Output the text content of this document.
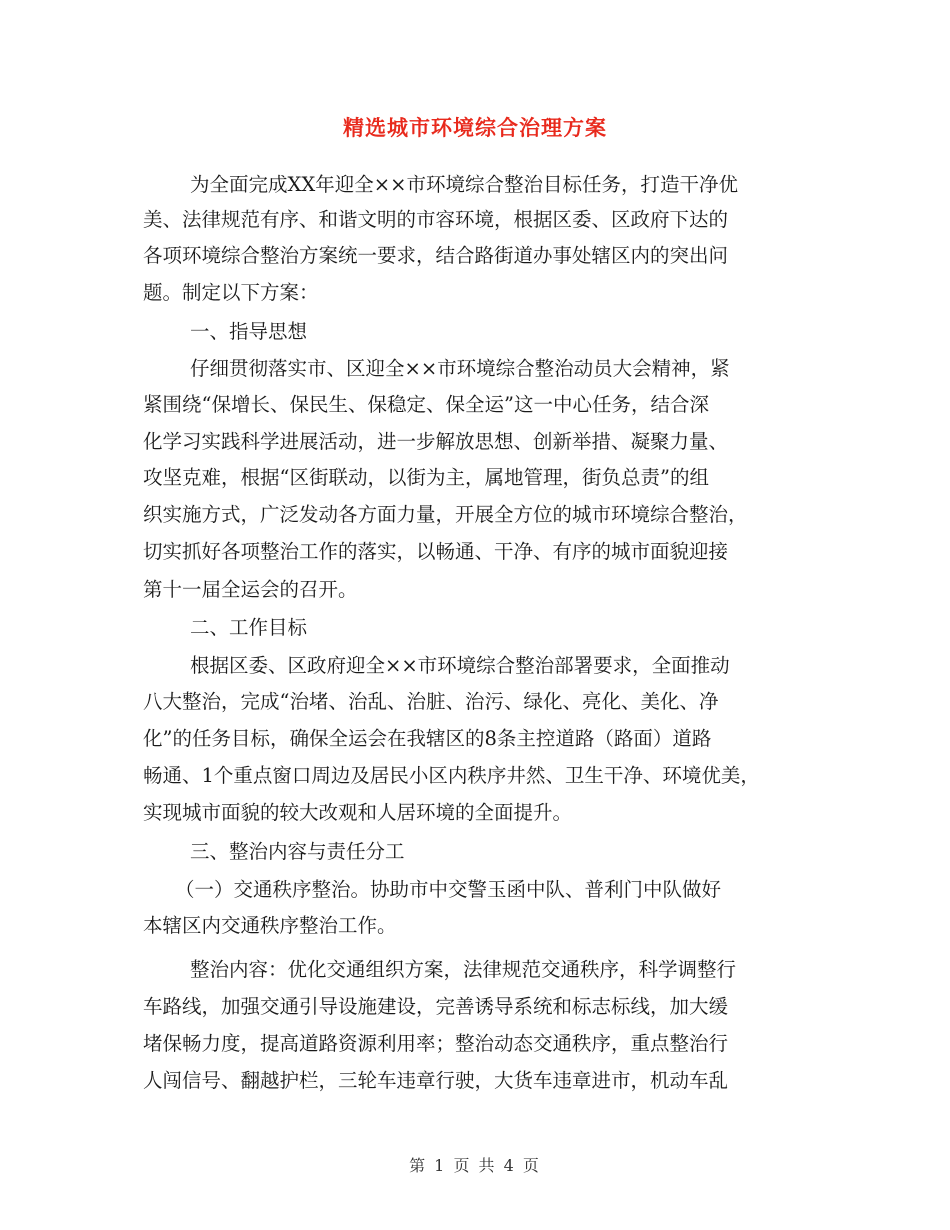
精选城市环境综合治理方案
为全面完成XX年迎全××市环境综合整治目标任务，打造干净优
美、法律规范有序、和谐文明的市容环境，根据区委、区政府下达的
各项环境综合整治方案统一要求，结合路街道办事处辖区内的突出问
题。制定以下方案：
一、指导思想
仔细贯彻落实市、区迎全××市环境综合整治动员大会精神，紧
紧围绕“保增长、保民生、保稳定、保全运”这一中心任务，结合深
化学习实践科学进展活动，进一步解放思想、创新举措、凝聚力量、
攻坚克难，根据“区街联动，以街为主，属地管理，街负总责”的组
织实施方式，广泛发动各方面力量，开展全方位的城市环境综合整治，
切实抓好各项整治工作的落实，以畅通、干净、有序的城市面貌迎接
第十一届全运会的召开。
二、工作目标
根据区委、区政府迎全××市环境综合整治部署要求，全面推动
八大整治，完成“治堵、治乱、治脏、治污、绿化、亮化、美化、净
化”的任务目标，确保全运会在我辖区的8条主控道路（路面）道路
畅通、1个重点窗口周边及居民小区内秩序井然、卫生干净、环境优美，
实现城市面貌的较大改观和人居环境的全面提升。
三、整治内容与责任分工
（一）交通秩序整治。协助市中交警玉函中队、普利门中队做好
本辖区内交通秩序整治工作。
整治内容：优化交通组织方案，法律规范交通秩序，科学调整行
车路线，加强交通引导设施建设，完善诱导系统和标志标线，加大缓
堵保畅力度，提高道路资源利用率；整治动态交通秩序，重点整治行
人闯信号、翻越护栏，三轮车违章行驶，大货车违章进市，机动车乱
第 1 页 共 4 页
